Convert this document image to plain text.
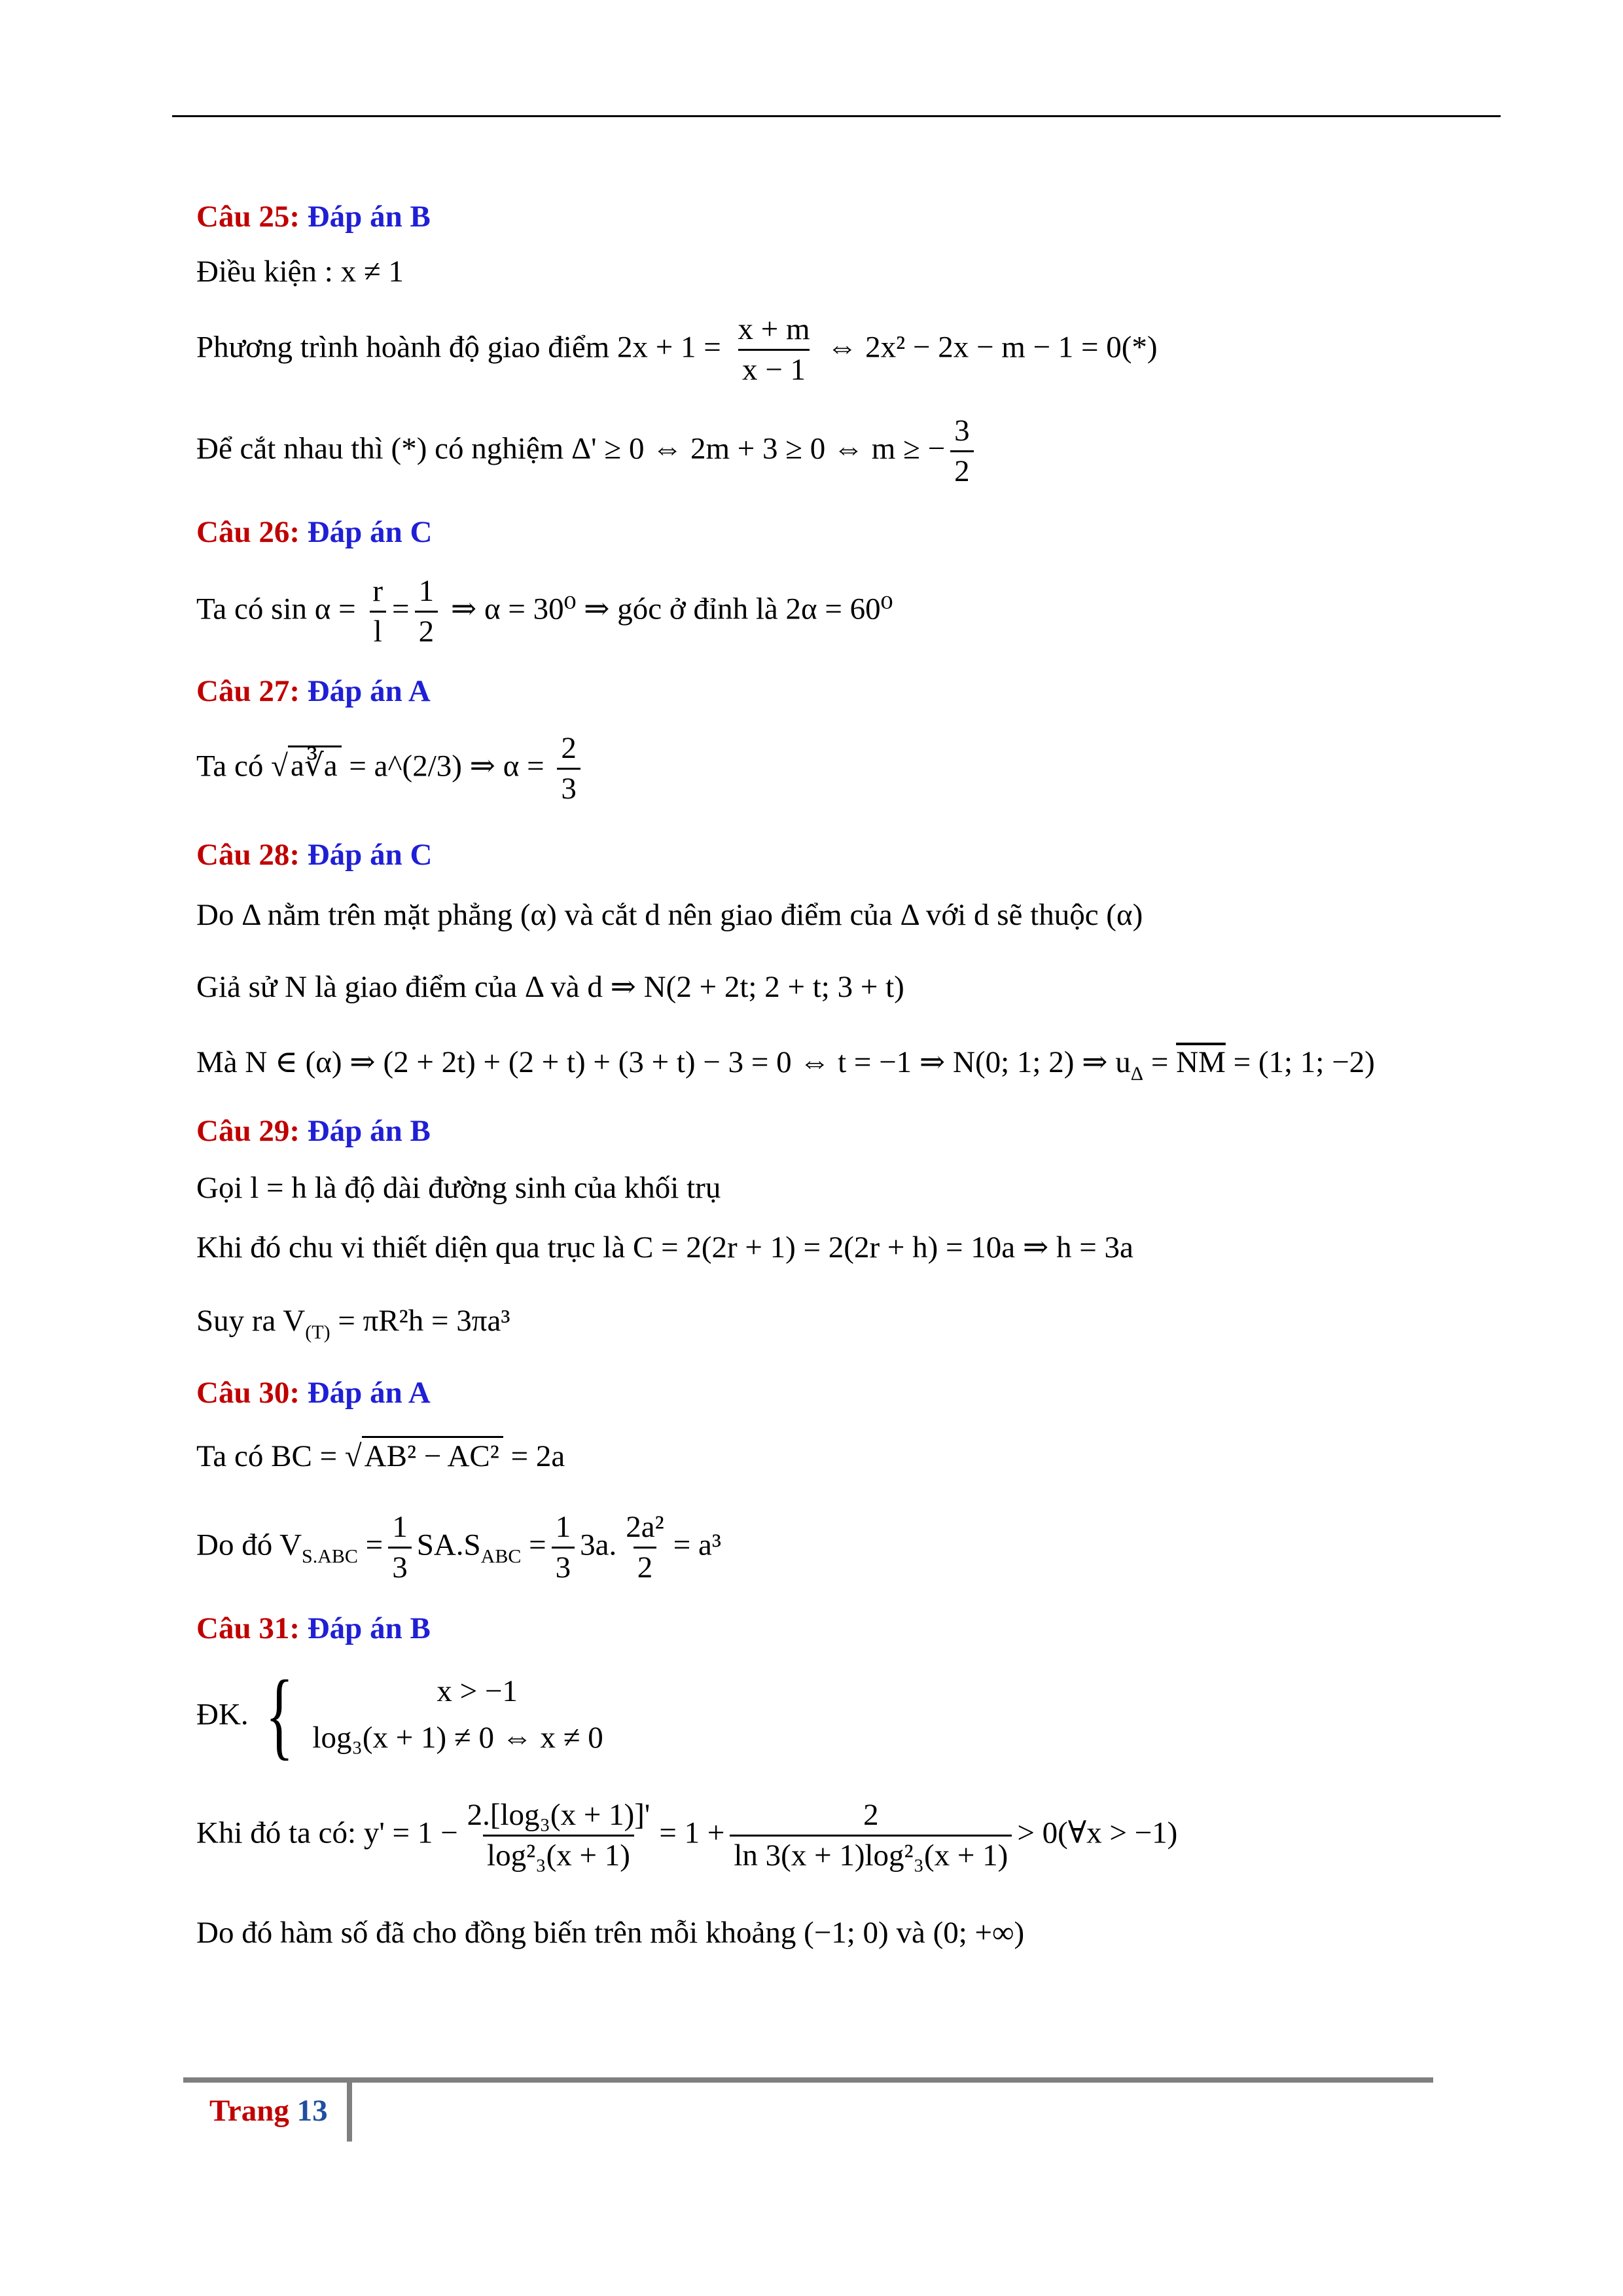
Câu 25: Đáp án B
Điều kiện : x ≠ 1
Phương trình hoành độ giao điểm $2x + 1 = \frac{x + m}{x - 1}$ ⇔ 2x² − 2x − m − 1 = 0(*)
Để cắt nhau thì (*) có nghiệm Δ' ≥ 0 ⇔ 2m + 3 ≥ 0 ⇔ m ≥ − $\frac{3}{2}$
Câu 26: Đáp án C
Ta có $\sin \alpha = \frac{r}{l} = \frac{1}{2}$ ⇒ α = 30⁰ ⇒ góc ở đỉnh là 2α = 60⁰
Câu 27: Đáp án A
Ta có √a∛a = a^(2/3) ⇒ $\alpha = \frac{2}{3}$
Câu 28: Đáp án C
Do Δ nằm trên mặt phẳng (α) và cắt d nên giao điểm của Δ với d sẽ thuộc (α)
Giả sử N là giao điểm của Δ và d ⇒ N(2 + 2t; 2 + t; 3 + t)
Mà N ∈ (α) ⇒ (2 + 2t) + (2 + t) + (3 + t) − 3 = 0 ⇔ t = −1 ⇒ N(0; 1; 2) ⇒ $u_\Delta = \overline{NM} = (1$; 1; −2)
Câu 29: Đáp án B
Gọi l = h là độ dài đường sinh của khối trụ
Khi đó chu vi thiết diện qua trục là C = 2(2r + 1) = 2(2r + h) = 10a ⇒ h = 3a
Suy ra $V_{(T)} = \pi R^2h = 3\pi a^3$
Câu 30: Đáp án A
Ta có BC = √AB² − AC² = 2a
Do đó $V_{S.ABC} = \frac{1}{3} SA.S_{ABC} = \frac{1}{3} 3a$. $\frac{\text{2a²}}{2} = a^3$
Câu 31: Đáp án B
ĐK. {	x > −1
log₃(x + 1) ≠ 0 ⇔ x ≠ 0
Khi đó ta có: $y' = 1 - \frac{\text{2.[log₃(x + 1)]'}}{\text{log²₃(x + 1)}} = 1 + \frac{2}{\text{ln 3(x + 1)log²₃(x + 1)}}$ > 0(∀x > −1)
Do đó hàm số đã cho đồng biến trên mỗi khoảng (−1; 0) và (0; +∞)
Trang 13
